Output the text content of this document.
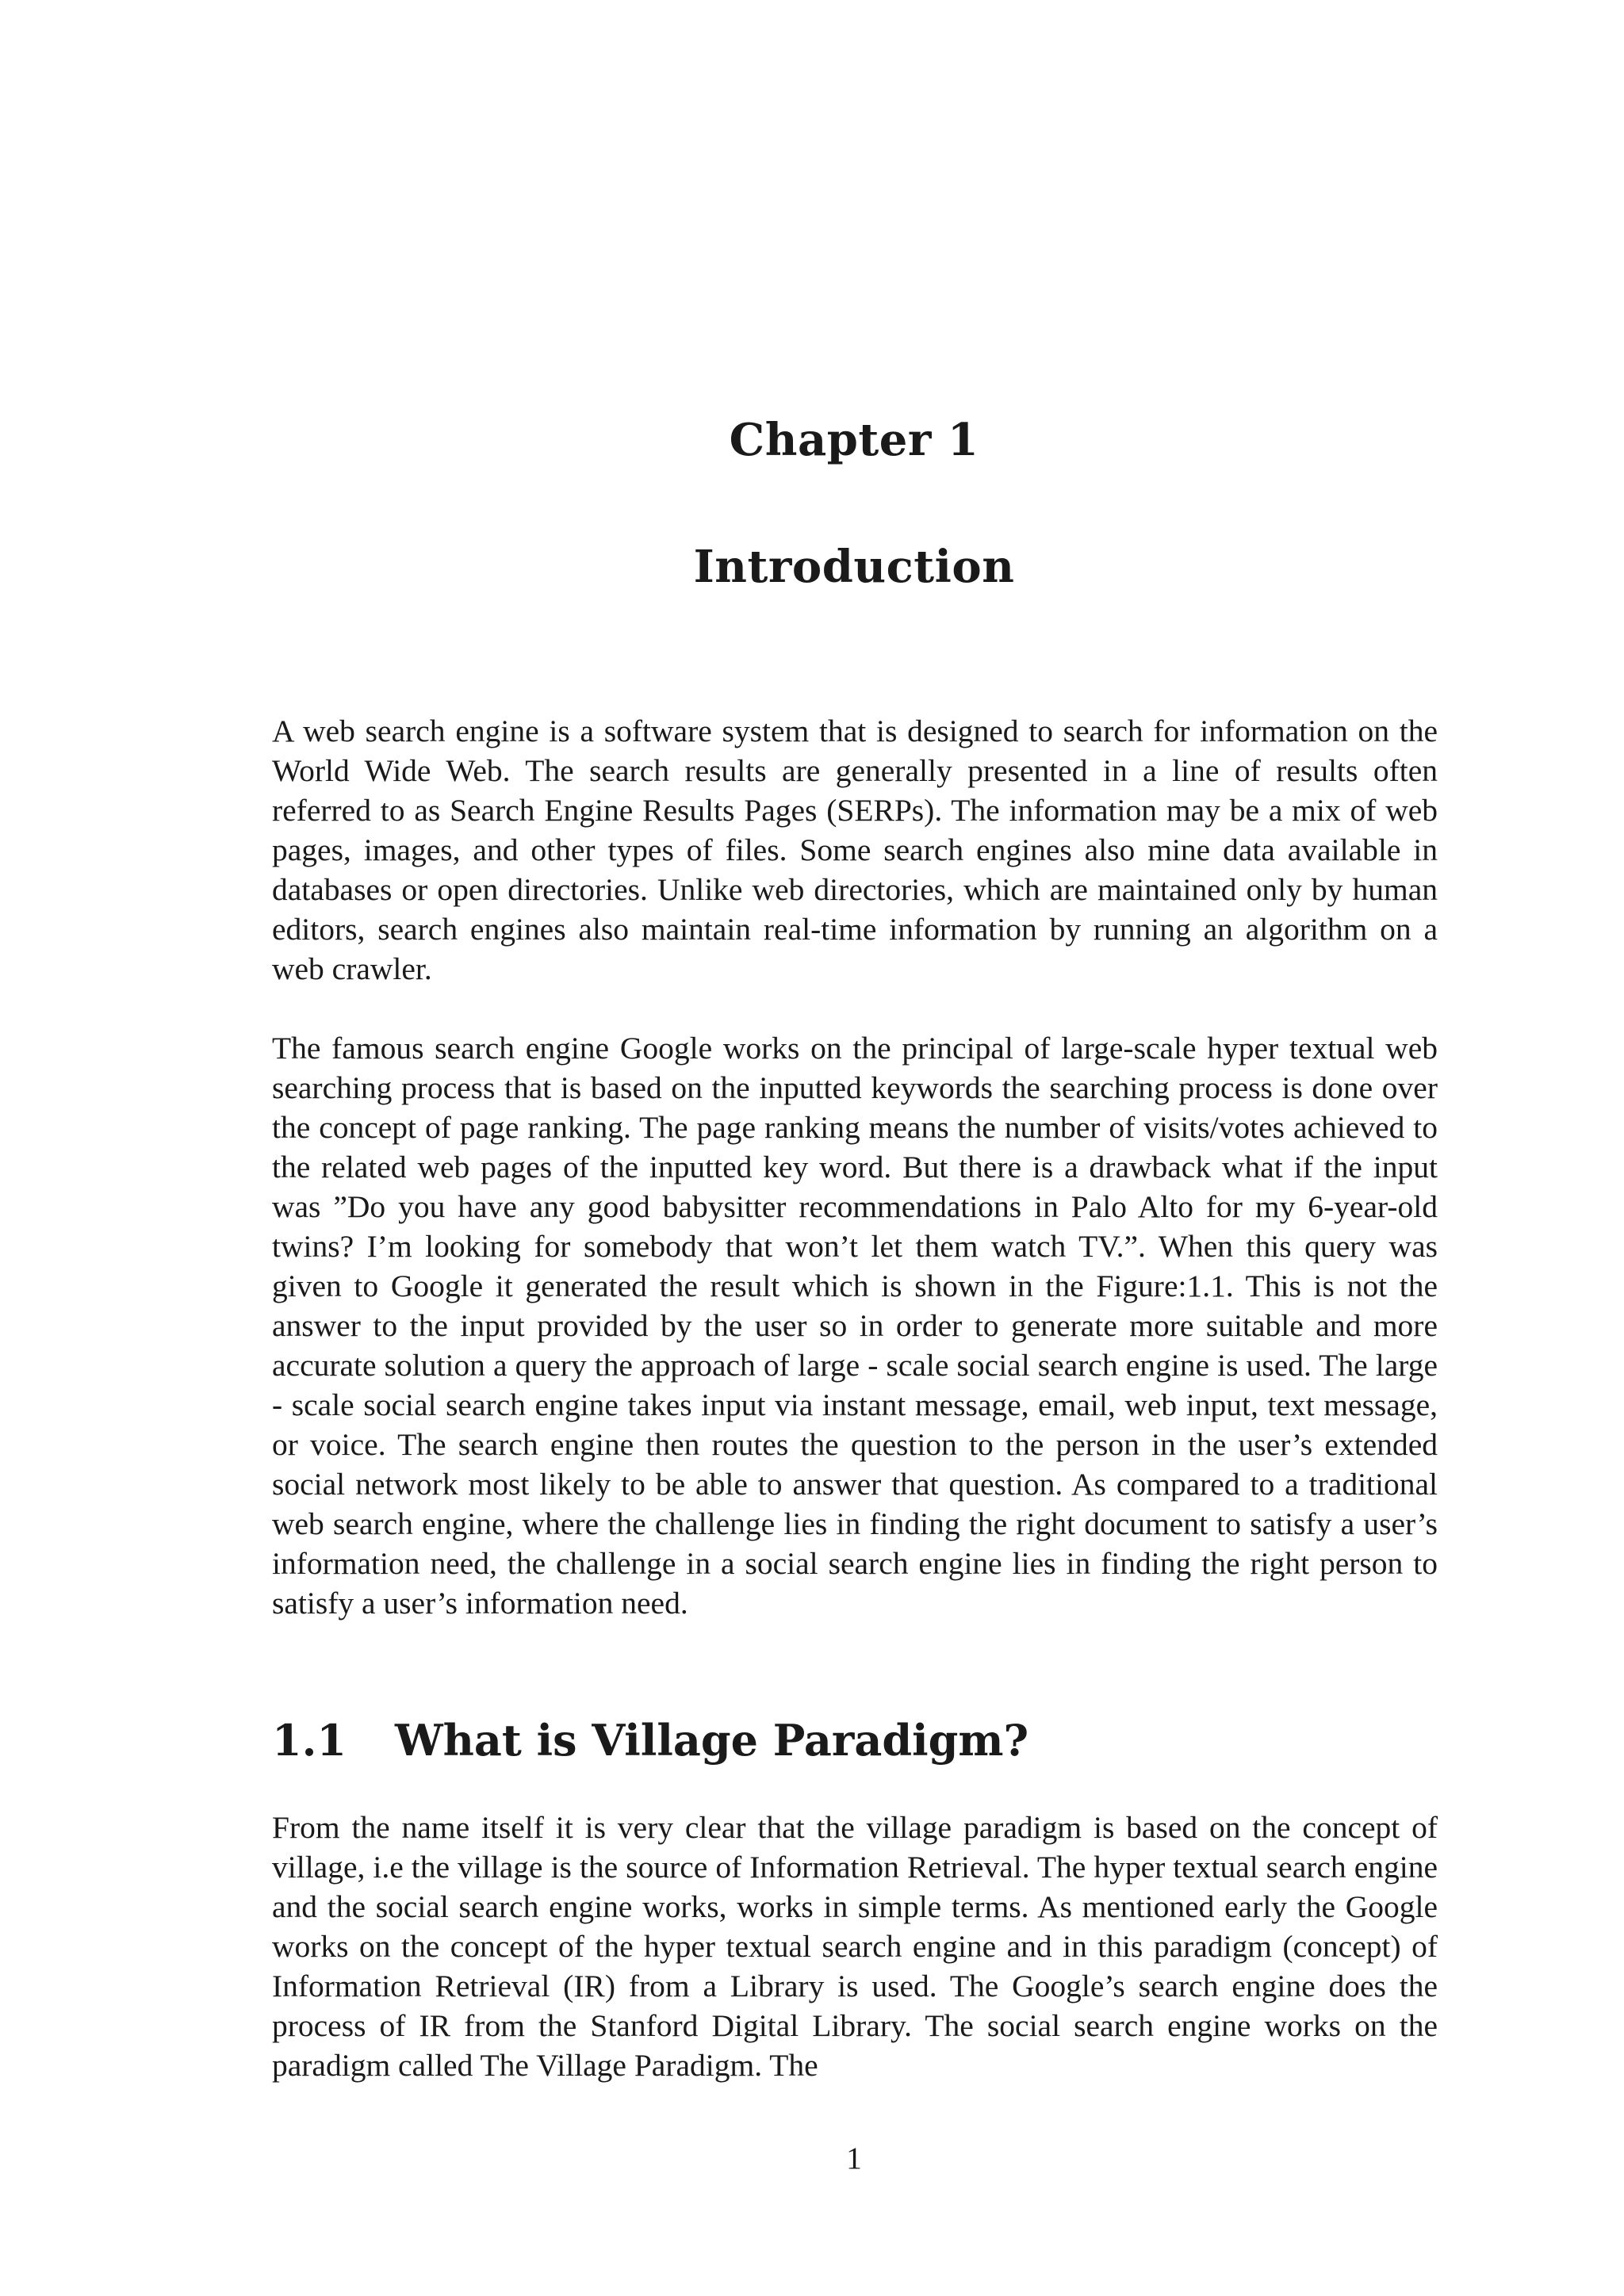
Chapter 1
Introduction

A web search engine is a software system that is designed to search for information on the World Wide Web. The search results are generally presented in a line of results often referred to as Search Engine Results Pages (SERPs). The information may be a mix of web pages, images, and other types of files. Some search engines also mine data available in databases or open directories. Unlike web directories, which are maintained only by human editors, search engines also maintain real-time information by running an algorithm on a web crawler.

The famous search engine Google works on the principal of large-scale hyper textual web searching process that is based on the inputted keywords the searching process is done over the concept of page ranking. The page ranking means the number of visits/votes achieved to the related web pages of the inputted key word. But there is a drawback what if the input was ”Do you have any good babysitter recommendations in Palo Alto for my 6-year-old twins? I’m looking for somebody that won’t let them watch TV.”. When this query was given to Google it generated the result which is shown in the Figure:1.1. This is not the answer to the input provided by the user so in order to generate more suitable and more accurate solution a query the approach of large - scale social search engine is used. The large - scale social search engine takes input via instant message, email, web input, text message, or voice. The search engine then routes the question to the person in the user’s extended social network most likely to be able to answer that question. As compared to a traditional web search engine, where the challenge lies in finding the right document to satisfy a user’s information need, the challenge in a social search engine lies in finding the right person to satisfy a user’s information need.

1.1 What is Village Paradigm?

From the name itself it is very clear that the village paradigm is based on the concept of village, i.e the village is the source of Information Retrieval. The hyper textual search engine and the social search engine works, works in simple terms. As mentioned early the Google works on the concept of the hyper textual search engine and in this paradigm (concept) of Information Retrieval (IR) from a Library is used. The Google’s search engine does the process of IR from the Stanford Digital Library. The social search engine works on the paradigm called The Village Paradigm. The

1
